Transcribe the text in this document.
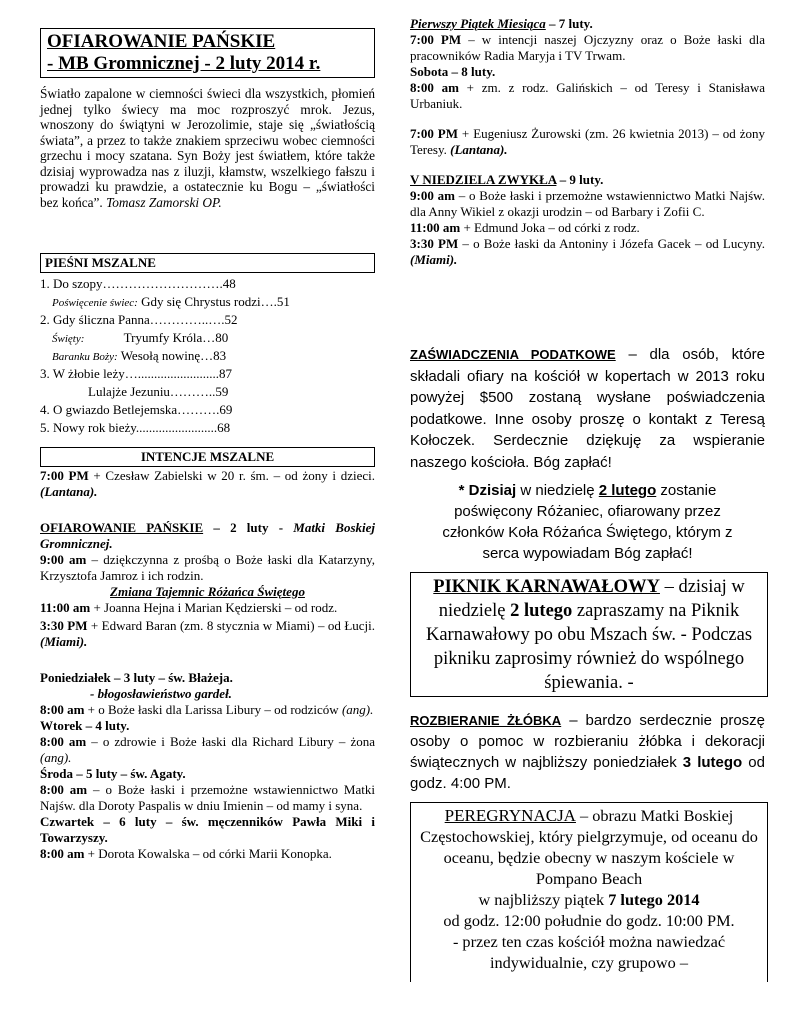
OFIAROWANIE PAŃSKIE

- MB Gromnicznej - 2 luty 2014 r.

Światło zapalone w ciemności świeci dla wszystkich, płomień jednej tylko świecy ma moc rozproszyć mrok. Jezus, wnoszony do świątyni w Jerozolimie, staje się „światłością świata”, a przez to także znakiem sprzeciwu wobec ciemności grzechu i mocy szatana. Syn Boży jest światłem, które także dzisiaj wyprowadza nas z iluzji, kłamstw, wszelkiego fałszu i prowadzi ku prawdzie, a ostatecznie ku Bogu – „światłości bez końca”. Tomasz Zamorski OP.

PIEŚNI MSZALNE

1. Do szopy……………………….48

Poświęcenie świec: Gdy się Chrystus rodzi….51

2. Gdy śliczna Panna…………..….52

Święty:	Tryumfy Króla…80

Baranku Boży: Wesołą nowinę…83

3. W żłobie leży….........................87

Lulajże Jezuniu………..59

4. O gwiazdo Betlejemska……….69

5. Nowy rok bieży.........................68

INTENCJE MSZALNE

7:00 PM + Czesław Zabielski w 20 r. śm. – od żony i dzieci. (Lantana).

OFIAROWANIE PAŃSKIE – 2 luty - Matki Boskiej Gromnicznej.

9:00 am – dziękczynna z prośbą o Boże łaski dla Katarzyny, Krzysztofa Jamroz i ich rodzin.

Zmiana Tajemnic Różańca Świętego

11:00 am + Joanna Hejna i Marian Kędzierski – od rodz.

3:30 PM + Edward Baran (zm. 8 stycznia w Miami) – od Łucji. (Miami).

Poniedziałek – 3 luty – św. Błażeja.

- błogosławieństwo gardeł.

8:00 am + o Boże łaski dla Larissa Libury – od rodziców (ang).

Wtorek – 4 luty.

8:00 am – o zdrowie i Boże łaski dla Richard Libury – żona (ang).

Środa – 5 luty – św. Agaty.

8:00 am – o Boże łaski i przemożne wstawiennictwo Matki Najśw. dla Doroty Paspalis w dniu Imienin – od mamy i syna.

Czwartek – 6 luty – św. męczenników Pawła Miki i Towarzyszy.

8:00 am + Dorota Kowalska – od córki Marii Konopka.

Pierwszy Piątek Miesiąca – 7 luty.

7:00 PM – w intencji naszej Ojczyzny oraz o Boże łaski dla pracowników Radia Maryja i TV Trwam.

Sobota – 8 luty.

8:00 am + zm. z rodz. Galińskich – od Teresy i Stanisława Urbaniuk.

7:00 PM + Eugeniusz Żurowski (zm. 26 kwietnia 2013) – od żony Teresy. (Lantana).

V NIEDZIELA ZWYKŁA – 9 luty.

9:00 am – o Boże łaski i przemożne wstawiennictwo Matki Najśw. dla Anny Wikiel z okazji urodzin – od Barbary i Zofii C.

11:00 am + Edmund Joka – od córki z rodz.

3:30 PM – o Boże łaski da Antoniny i Józefa Gacek – od Lucyny. (Miami).

ZAŚWIADCZENIA PODATKOWE – dla osób, które składali ofiary na kościół w kopertach w 2013 roku powyżej $500 zostaną wysłane poświadczenia podatkowe. Inne osoby proszę o kontakt z Teresą Kołoczek. Serdecznie dziękuję za wspieranie naszego kościoła. Bóg zapłać!

* Dzisiaj w niedzielę 2 lutego zostanie poświęcony Różaniec, ofiarowany przez członków Koła Różańca Świętego, którym z serca wypowiadam Bóg zapłać!

PIKNIK KARNAWAŁOWY – dzisiaj w niedzielę 2 lutego zapraszamy na Piknik Karnawałowy po obu Mszach św. - Podczas pikniku zaprosimy również do wspólnego śpiewania. -

ROZBIERANIE ŻŁÓBKA – bardzo serdecznie proszę osoby o pomoc w rozbieraniu żłóbka i dekoracji świątecznych w najbliższy poniedziałek 3 lutego od godz. 4:00 PM.

PEREGRYNACJA – obrazu Matki Boskiej Częstochowskiej, który pielgrzymuje, od oceanu do oceanu, będzie obecny w naszym kościele w Pompano Beach

w najbliższy piątek 7 lutego 2014

od godz. 12:00 południe do godz. 10:00 PM.

- przez ten czas kościół można nawiedzać indywidualnie, czy grupowo –
